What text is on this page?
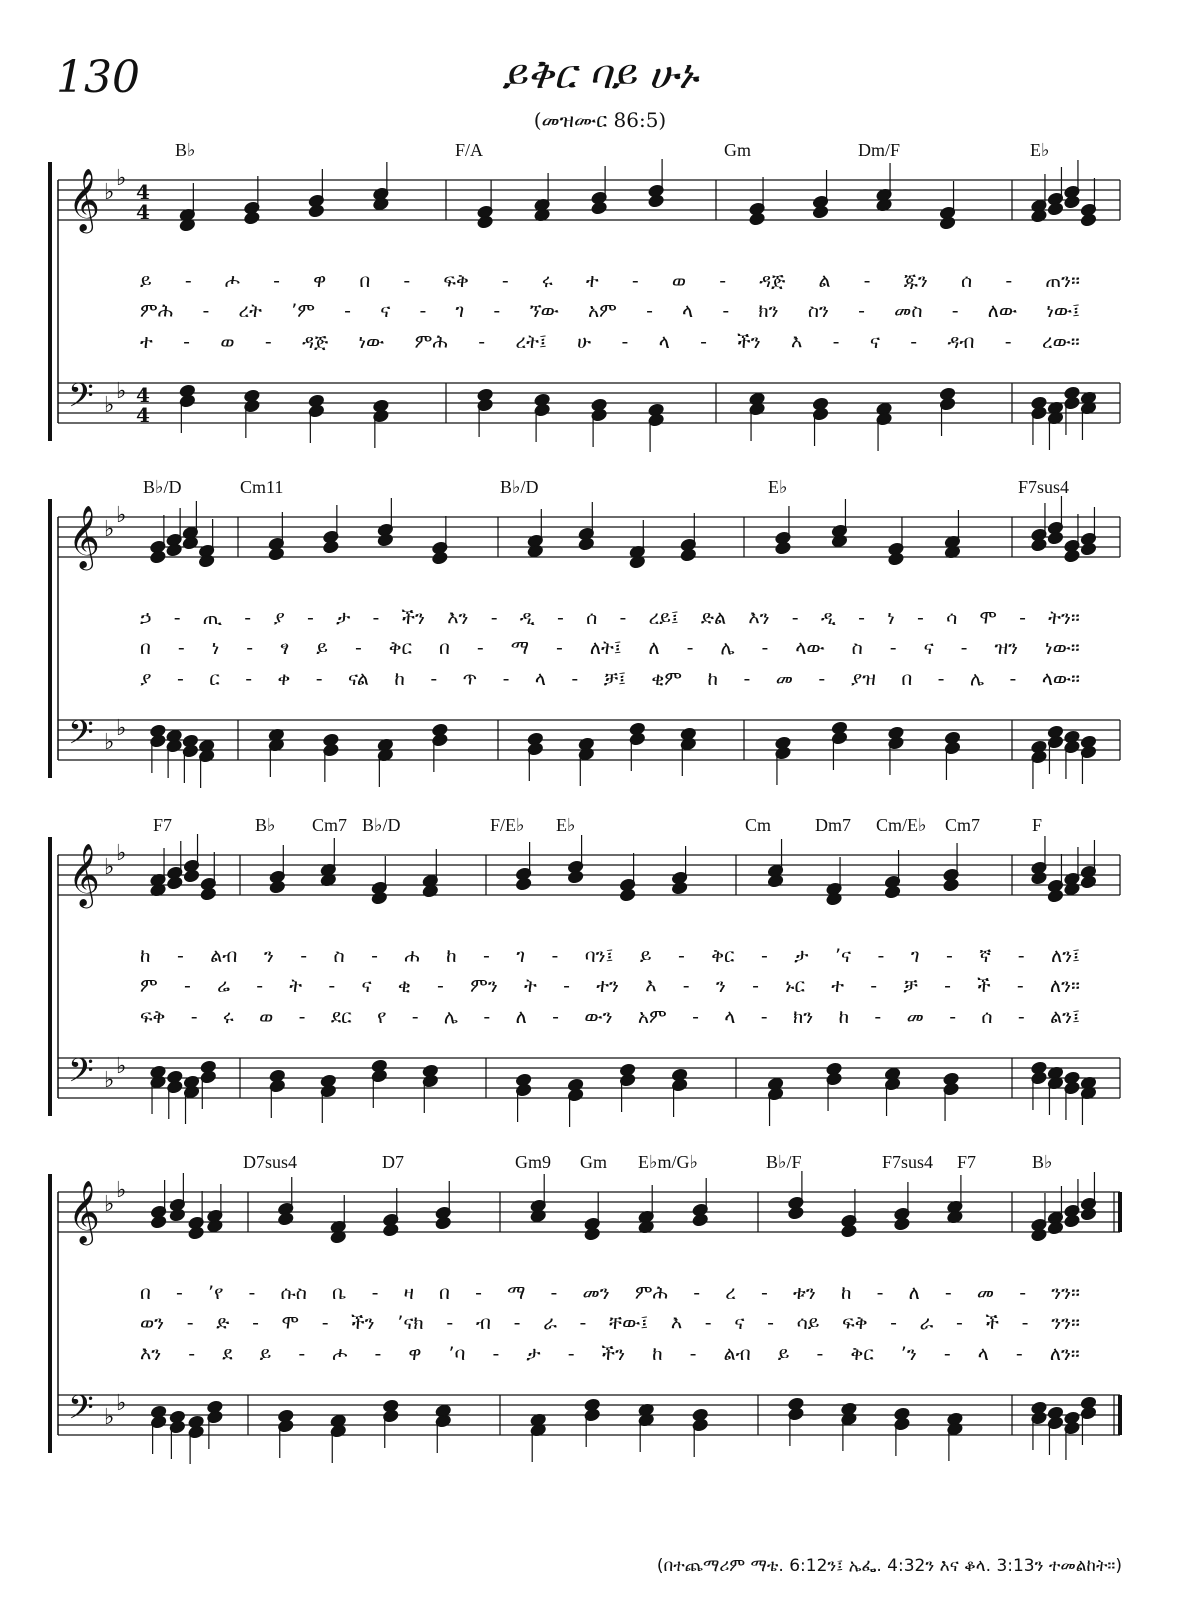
130	ይቅር ባይ ሁኑ
(መዝሙር 86:5)
𝄞
𝄢
♭
♭
♭
♭
4
4
4
4
B♭	F/A	Gm	Dm/F	E♭
ይ - ሖ - ዋ በ - ፍቅ - ሩ ተ - ወ - ዳጅ ል - ጁን ሰ - ጠን።
ምሕ - ረት ’ም - ና - ገ - ኘው አም - ላ - ክን ስን - መስ - ለው ነው፤
ተ - ወ - ዳጅ ነው ምሕ - ረት፤ ሁ - ላ - ችን እ - ና - ዳብ - ረው።
𝄞
𝄢
♭
♭
♭
♭
B♭/D	Cm11	B♭/D	E♭	F7sus4
ኃ - ጢ - ያ - ታ - ችን እን - ዲ - ሰ - ረይ፤ ድል እን - ዲ - ነ - ሳ ሞ - ትን።
በ - ነ - ፃ ይ - ቅር በ - ማ - ለት፤ ለ - ሌ - ላው ስ - ና - ዝን ነው።
ያ - ር - ቀ - ናል ከ - ጥ - ላ - ቻ፤ ቂም ከ - መ - ያዝ በ - ሌ - ላው።
𝄞
𝄢
♭
♭
♭
♭
F7	B♭ Cm7 B♭/D	F/E♭ E♭	Cm Dm7 Cm/E♭ Cm7	F
ከ - ልብ ን - ስ - ሐ ከ - ገ - ባን፤ ይ - ቅር - ታ ’ና - ገ - ኛ - ለን፤
ም - ሬ - ት - ና ቂ - ምን ት - ተን እ - ን - ኑር ተ - ቻ - ች - ለን።
ፍቅ - ሩ ወ - ደር የ - ሌ - ለ - ውን አም - ላ - ክን ከ - መ - ሰ - ልን፤
𝄞
𝄢
♭
♭
♭
♭
D7sus4	D7	Gm9 Gm E♭m/G♭	B♭/F	F7sus4 F7	B♭
በ - ’የ - ሱስ ቤ - ዛ በ - ማ - መን ምሕ - ረ - ቱን ከ - ለ - መ - ንን።
ወን - ድ - ሞ - ችን ’ናክ - ብ - ራ - ቸው፤ እ - ና - ሳይ ፍቅ - ራ - ች - ንን።
እን - ደ ይ - ሖ - ዋ ’ባ - ታ - ችን ከ - ልብ ይ - ቅር ’ን - ላ - ለን።
(በተጨማሪም ማቴ. 6:12ን፤ ኤፌ. 4:32ን እና ቆላ. 3:13ን ተመልከት።)
